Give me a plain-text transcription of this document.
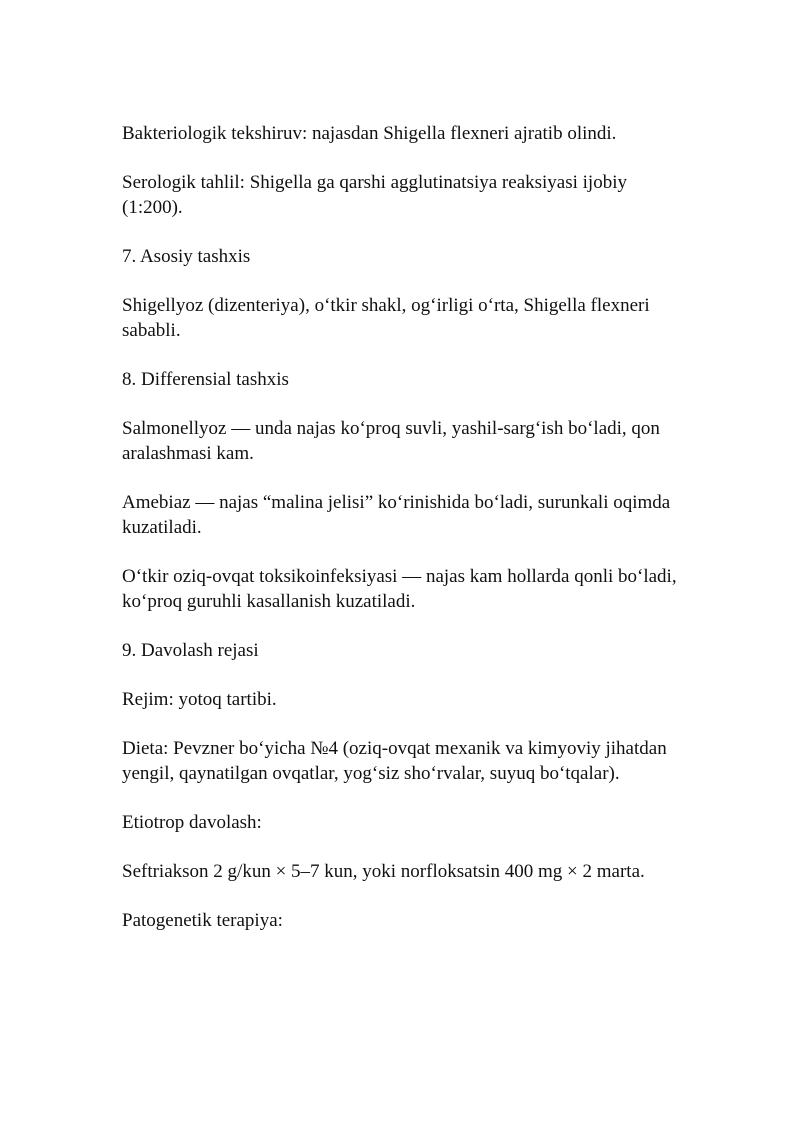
Bakteriologik tekshiruv: najasdan Shigella flexneri ajratib olindi.

Serologik tahlil: Shigella ga qarshi agglutinatsiya reaksiyasi ijobiy (1:200).

7. Asosiy tashxis

Shigellyoz (dizenteriya), o‘tkir shakl, og‘irligi o‘rta, Shigella flexneri sababli.

8. Differensial tashxis

Salmonellyoz — unda najas ko‘proq suvli, yashil-sarg‘ish bo‘ladi, qon aralashmasi kam.

Amebiaz — najas “malina jelisi” ko‘rinishida bo‘ladi, surunkali oqimda kuzatiladi.

O‘tkir oziq-ovqat toksikoinfeksiyasi — najas kam hollarda qonli bo‘ladi, ko‘proq guruhli kasallanish kuzatiladi.

9. Davolash rejasi

Rejim: yotoq tartibi.

Dieta: Pevzner bo‘yicha №4 (oziq-ovqat mexanik va kimyoviy jihatdan yengil, qaynatilgan ovqatlar, yog‘siz sho‘rvalar, suyuq bo‘tqalar).

Etiotrop davolash:

Seftriakson 2 g/kun × 5–7 kun, yoki norfloksatsin 400 mg × 2 marta.

Patogenetik terapiya:
